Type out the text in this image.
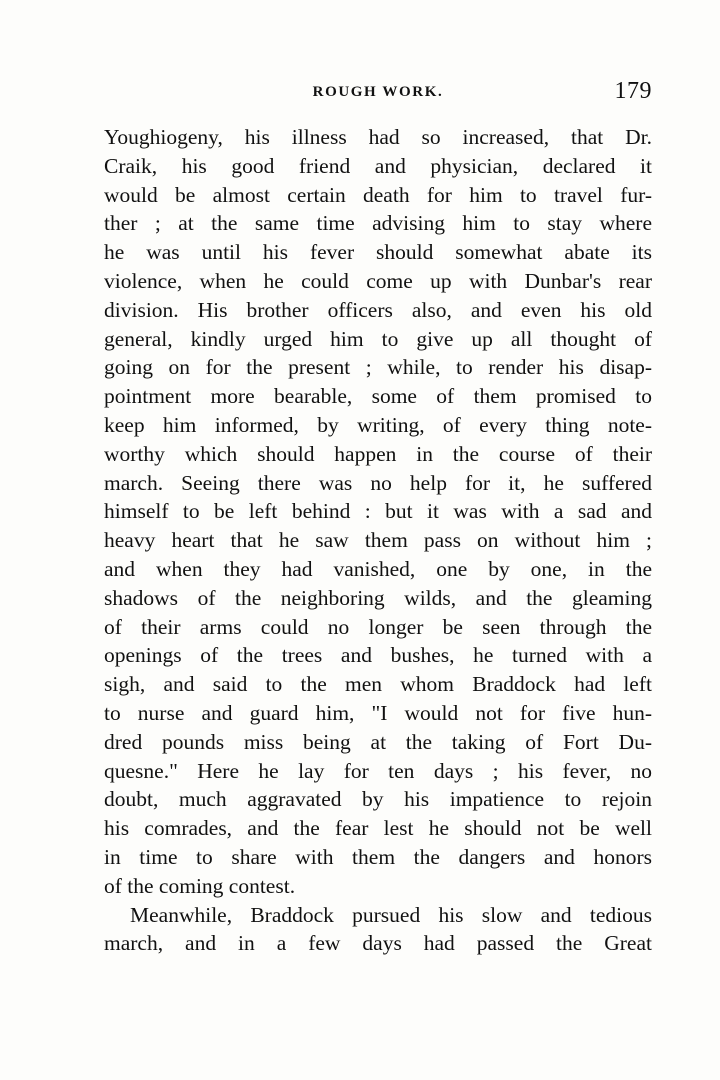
ROUGH WORK.	179
Youghiogeny, his illness had so increased, that Dr.
Craik, his good friend and physician, declared it
would be almost certain death for him to travel fur-
ther ; at the same time advising him to stay where
he was until his fever should somewhat abate its
violence, when he could come up with Dunbar's rear
division. His brother officers also, and even his old
general, kindly urged him to give up all thought of
going on for the present ; while, to render his disap-
pointment more bearable, some of them promised to
keep him informed, by writing, of every thing note-
worthy which should happen in the course of their
march. Seeing there was no help for it, he suffered
himself to be left behind : but it was with a sad and
heavy heart that he saw them pass on without him ;
and when they had vanished, one by one, in the
shadows of the neighboring wilds, and the gleaming
of their arms could no longer be seen through the
openings of the trees and bushes, he turned with a
sigh, and said to the men whom Braddock had left
to nurse and guard him, "I would not for five hun-
dred pounds miss being at the taking of Fort Du-
quesne." Here he lay for ten days ; his fever, no
doubt, much aggravated by his impatience to rejoin
his comrades, and the fear lest he should not be well
in time to share with them the dangers and honors
of the coming contest.
Meanwhile, Braddock pursued his slow and tedious
march, and in a few days had passed the Great
